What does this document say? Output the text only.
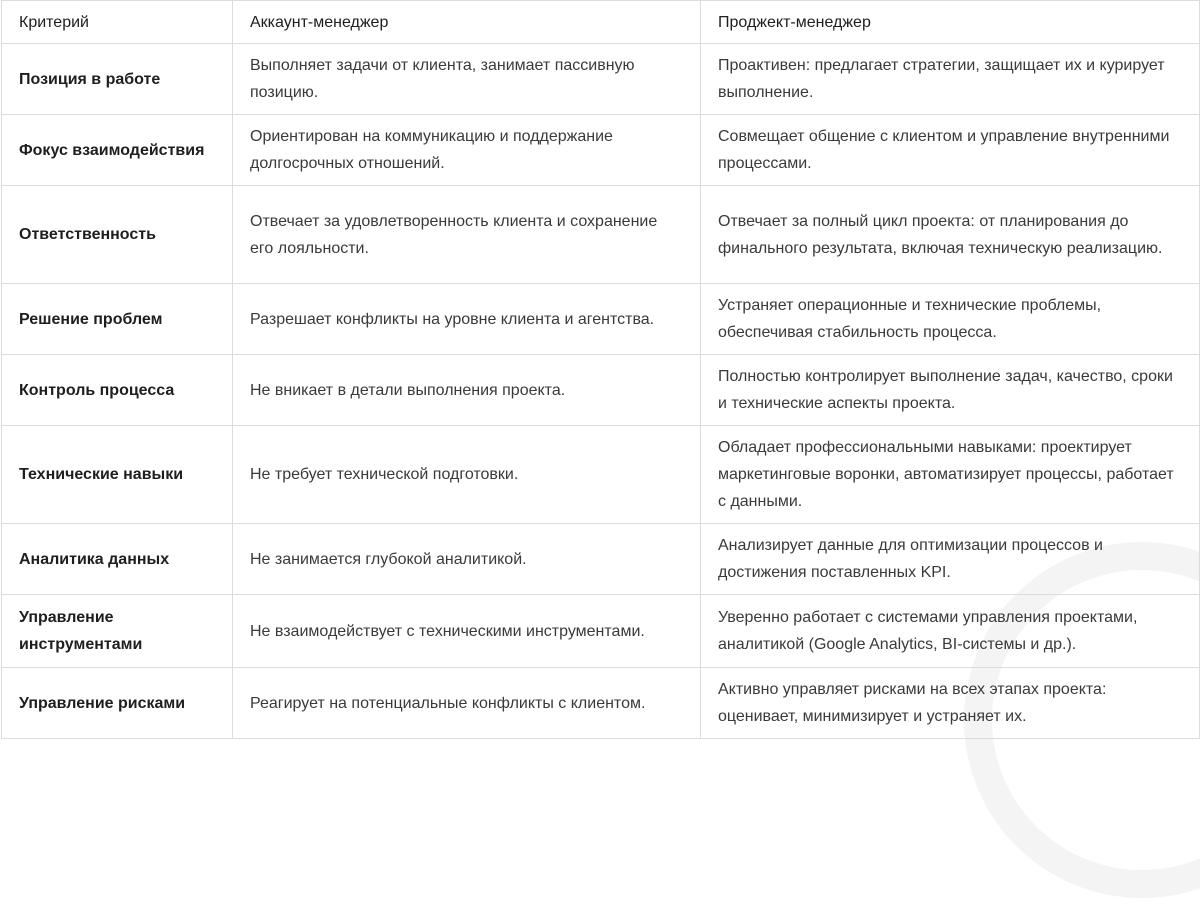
Критерий	Аккаунт-менеджер	Проджект-менеджер
Позиция в работе	Выполняет задачи от клиента, занимает пассивную позицию.	Проактивен: предлагает стратегии, защищает их и курирует выполнение.
Фокус взаимодействия	Ориентирован на коммуникацию и поддержание долгосрочных отношений.	Совмещает общение с клиентом и управление внутренними процессами.
Ответственность	Отвечает за удовлетворенность клиента и сохранение его лояльности.	Отвечает за полный цикл проекта: от планирования до финального результата, включая техническую реализацию.
Решение проблем	Разрешает конфликты на уровне клиента и агентства.	Устраняет операционные и технические проблемы, обеспечивая стабильность процесса.
Контроль процесса	Не вникает в детали выполнения проекта.	Полностью контролирует выполнение задач, качество, сроки и технические аспекты проекта.
Технические навыки	Не требует технической подготовки.	Обладает профессиональными навыками: проектирует маркетинговые воронки, автоматизирует процессы, работает с данными.
Аналитика данных	Не занимается глубокой аналитикой.	Анализирует данные для оптимизации процессов и достижения поставленных KPI.
Управление инструментами	Не взаимодействует с техническими инструментами.	Уверенно работает с системами управления проектами, аналитикой (Google Analytics, BI-системы и др.).
Управление рисками	Реагирует на потенциальные конфликты с клиентом.	Активно управляет рисками на всех этапах проекта: оценивает, минимизирует и устраняет их.
